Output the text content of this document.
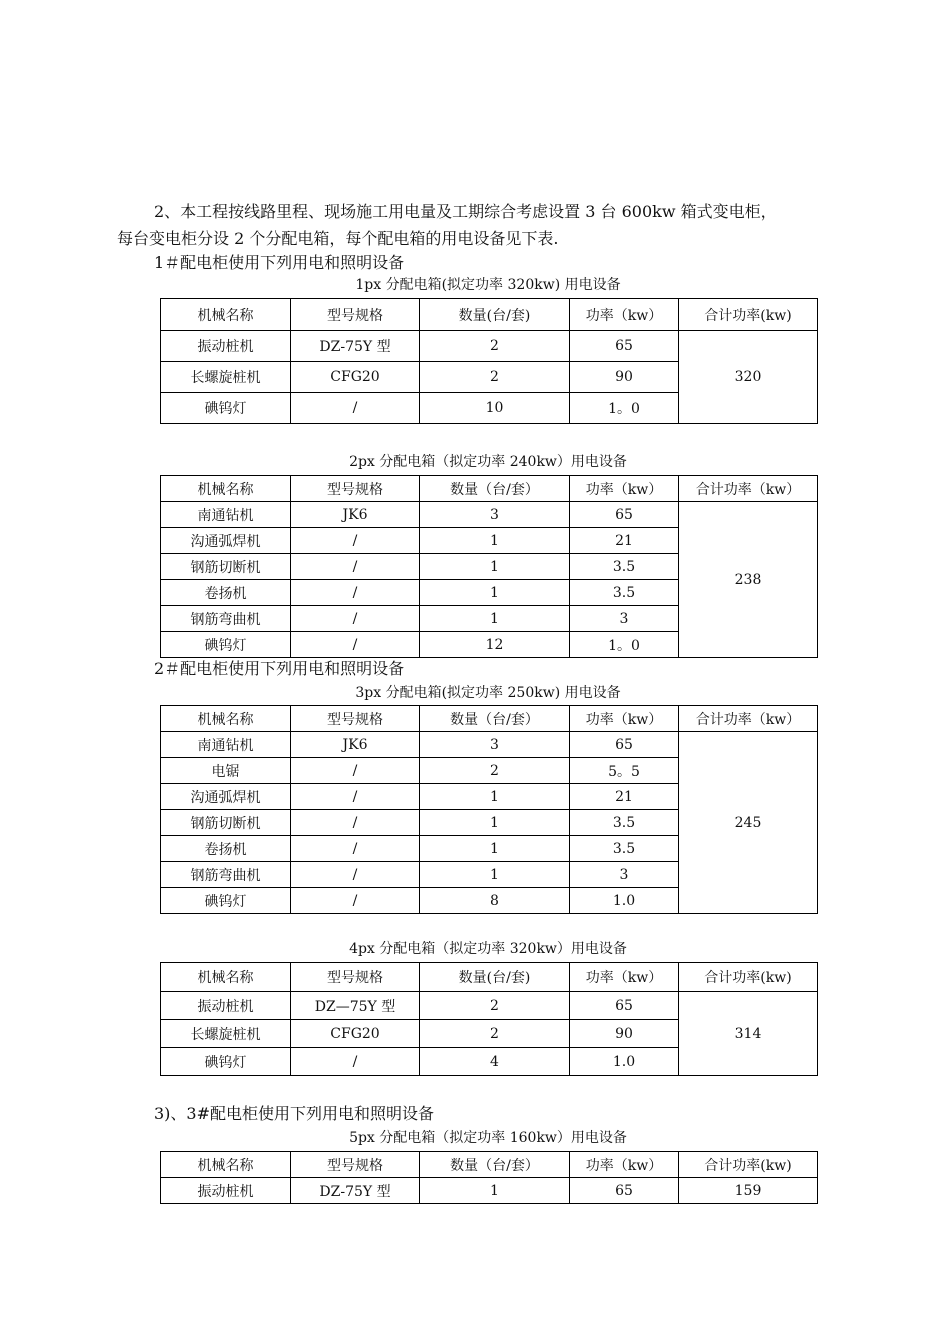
2、本工程按线路里程、现场施工用电量及工期综合考虑设置 3 台 600kw 箱式变电柜，
每台变电柜分设 2 个分配电箱，每个配电箱的用电设备见下表.
1＃配电柜使用下列用电和照明设备
1px 分配电箱(拟定功率 320kw) 用电设备
机械名称	型号规格	数量(台/套)	功率（kw）	合计功率(kw)
振动桩机	DZ-75Y 型	2	65	320
长螺旋桩机	CFG20	2	90	
碘钨灯	/	10	1。0	
2px 分配电箱（拟定功率 240kw）用电设备
机械名称	型号规格	数量（台/套）	功率（kw）	合计功率（kw）
南通钻机	JK6	3	65	238
沟通弧焊机	/	1	21	
钢筋切断机	/	1	3.5	
卷扬机	/	1	3.5	
钢筋弯曲机	/	1	3	
碘钨灯	/	12	1。0	
2＃配电柜使用下列用电和照明设备
3px 分配电箱(拟定功率 250kw) 用电设备
机械名称	型号规格	数量（台/套）	功率（kw）	合计功率（kw）
南通钻机	JK6	3	65	245
电锯	/	2	5。5	
沟通弧焊机	/	1	21	
钢筋切断机	/	1	3.5	
卷扬机	/	1	3.5	
钢筋弯曲机	/	1	3	
碘钨灯	/	8	1.0	
4px 分配电箱（拟定功率 320kw）用电设备
机械名称	型号规格	数量(台/套)	功率（kw）	合计功率(kw)
振动桩机	DZ—75Y 型	2	65	314
长螺旋桩机	CFG20	2	90	
碘钨灯	/	4	1.0	
3)、3#配电柜使用下列用电和照明设备
5px 分配电箱（拟定功率 160kw）用电设备
机械名称	型号规格	数量（台/套）	功率（kw）	合计功率(kw)
振动桩机	DZ-75Y 型	1	65	159
